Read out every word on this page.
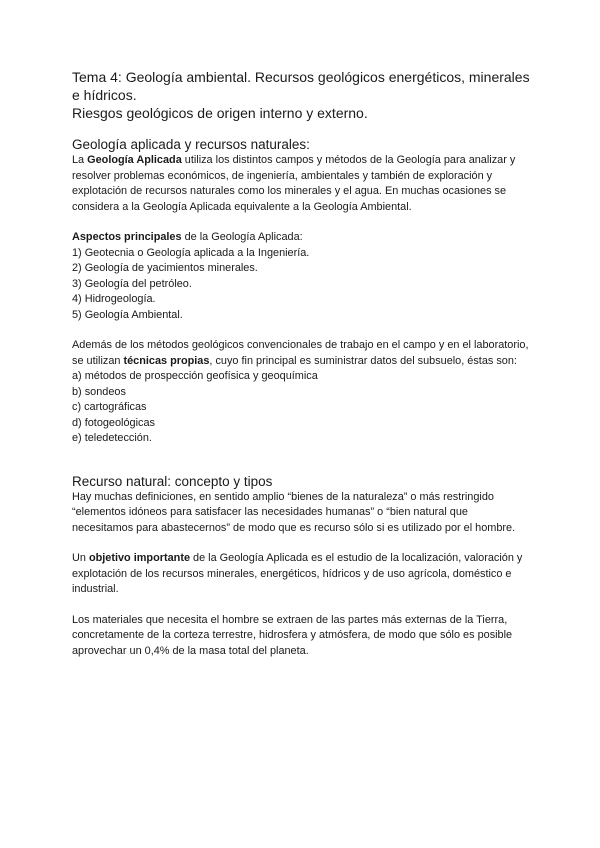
Tema 4: Geología ambiental. Recursos geológicos energéticos, minerales e hídricos.
Riesgos geológicos de origen interno y externo.
Geología aplicada y recursos naturales:

La Geología Aplicada utiliza los distintos campos y métodos de la Geología para analizar y resolver problemas económicos, de ingeniería, ambientales y también de exploración y explotación de recursos naturales como los minerales y el agua. En muchas ocasiones se considera a la Geología Aplicada equivalente a la Geología Ambiental.

Aspectos principales de la Geología Aplicada:

1) Geotecnia o Geología aplicada a la Ingeniería.
2) Geología de yacimientos minerales.
3) Geología del petróleo.
4) Hidrogeología.
5) Geología Ambiental.

Además de los métodos geológicos convencionales de trabajo en el campo y en el laboratorio, se utilizan técnicas propias, cuyo fin principal es suministrar datos del subsuelo, éstas son:

a) métodos de prospección geofísica y geoquímica
b) sondeos
c) cartográficas
d) fotogeológicas
e) teledetección.
Recurso natural: concepto y tipos

Hay muchas definiciones, en sentido amplio “bienes de la naturaleza” o más restringido “elementos idóneos para satisfacer las necesidades humanas” o “bien natural que necesitamos para abastecernos” de modo que es recurso sólo si es utilizado por el hombre.

Un objetivo importante de la Geología Aplicada es el estudio de la localización, valoración y explotación de los recursos minerales, energéticos, hídricos y de uso agrícola, doméstico e industrial.

Los materiales que necesita el hombre se extraen de las partes más externas de la Tierra, concretamente de la corteza terrestre, hidrosfera y atmósfera, de modo que sólo es posible aprovechar un 0,4% de la masa total del planeta.
